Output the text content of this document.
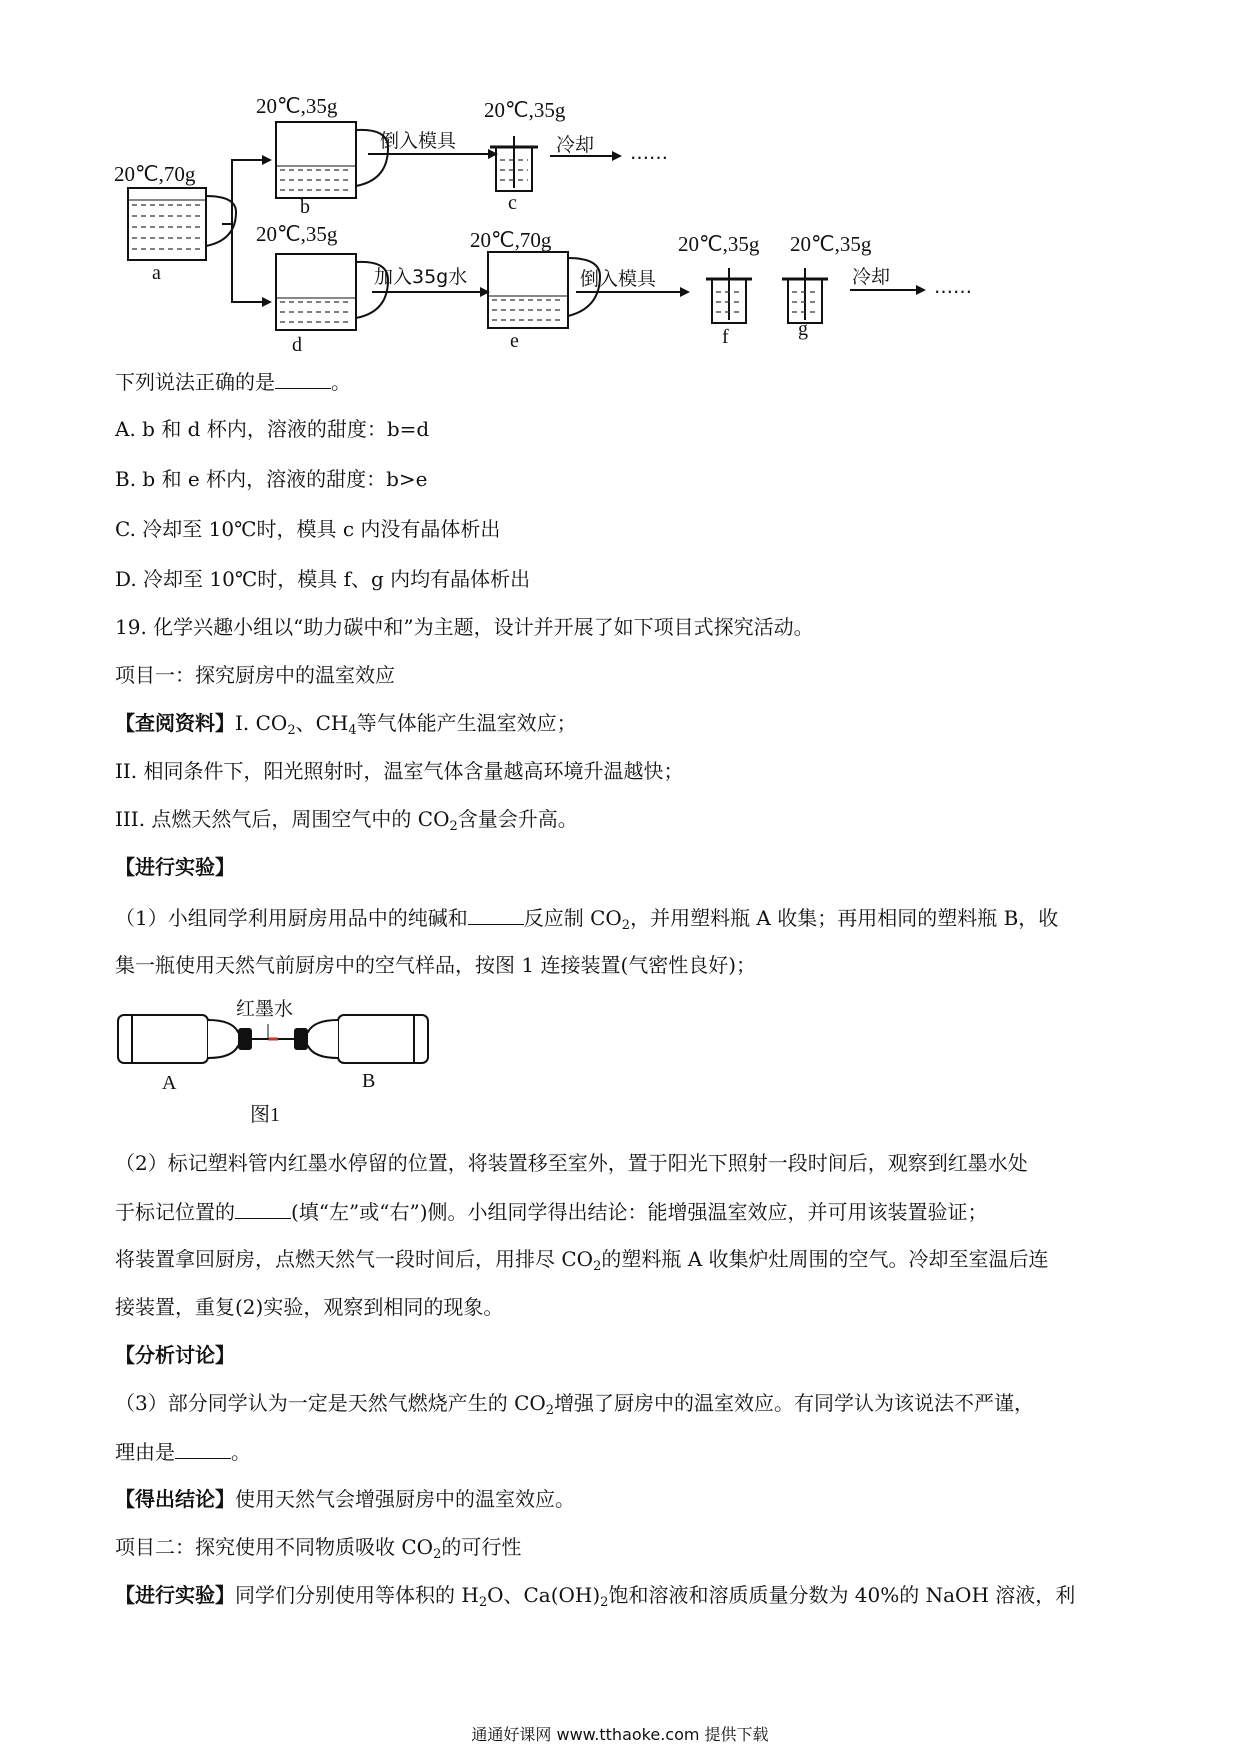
20℃,70g
20℃,35g	20℃,35g
20℃,35g	20℃,70g	20℃,35g 20℃,35g
a
b	c
d	e	f	g
倒入模具	冷却 ……
加入35g水	倒入模具	冷却 ……
下列说法正确的是	。
A. b 和 d 杯内，溶液的甜度：b=d
B. b 和 e 杯内，溶液的甜度：b>e
C. 冷却至 10℃时，模具 c 内没有晶体析出
D. 冷却至 10℃时，模具 f、g 内均有晶体析出
19. 化学兴趣小组以“助力碳中和”为主题，设计并开展了如下项目式探究活动。
项目一：探究厨房中的温室效应
【查阅资料】I. $CO_2$、$CH_4$等气体能产生温室效应；
II. 相同条件下，阳光照射时，温室气体含量越高环境升温越快；
III. 点燃天然气后，周围空气中的 $CO_2$含量会升高。
【进行实验】
（1）小组同学利用厨房用品中的纯碱和	反应制 $CO_2$，并用塑料瓶 A 收集；再用相同的塑料瓶 B，收
集一瓶使用天然气前厨房中的空气样品，按图 1 连接装置(气密性良好)；
红墨水
A	B
图1
（2）标记塑料管内红墨水停留的位置，将装置移至室外，置于阳光下照射一段时间后，观察到红墨水处
于标记位置的	(填“左”或“右”)侧。小组同学得出结论：能增强温室效应，并可用该装置验证；
将装置拿回厨房，点燃天然气一段时间后，用排尽 $CO_2$的塑料瓶 A 收集炉灶周围的空气。冷却至室温后连
接装置，重复(2)实验，观察到相同的现象。
【分析讨论】
（3）部分同学认为一定是天然气燃烧产生的 $CO_2$增强了厨房中的温室效应。有同学认为该说法不严谨，
理由是	。
【得出结论】使用天然气会增强厨房中的温室效应。
项目二：探究使用不同物质吸收 $CO_2$的可行性
【进行实验】同学们分别使用等体积的 $H_2O$、$Ca(OH)_2$饱和溶液和溶质质量分数为 40%的 NaOH 溶液，利
通通好课网 www.tthaoke.com 提供下载
